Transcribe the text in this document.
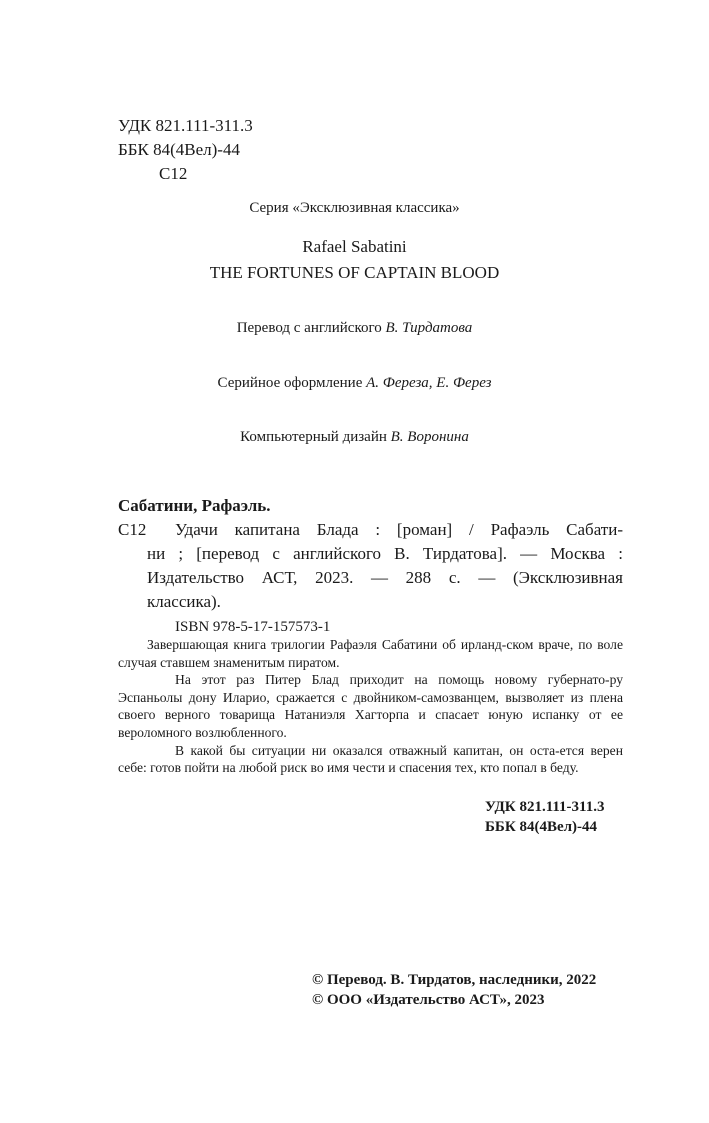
УДК 821.111-311.3
ББК 84(4Вел)-44
С12
Серия «Эксклюзивная классика»
Rafael Sabatini
THE FORTUNES OF CAPTAIN BLOOD
Перевод с английского В. Тирдатова
Серийное оформление А. Фереза, Е. Ферез
Компьютерный дизайн В. Воронина
Сабатини, Рафаэль.
С12 Удачи капитана Блада : [роман] / Рафаэль Сабати-
ни ; [перевод с английского В. Тирдатова]. — Москва :
Издательство АСТ, 2023. — 288 с. — (Эксклюзивная
классика).
ISBN 978-5-17-157573-1

Завершающая книга трилогии Рафаэля Сабатини об ирланд-ском враче, по воле случая ставшем знаменитым пиратом.

На этот раз Питер Блад приходит на помощь новому губернато-ру Эспаньолы дону Иларио, сражается с двойником-самозванцем, вызволяет из плена своего верного товарища Натаниэля Хагторпа и спасает юную испанку от ее вероломного возлюбленного.

В какой бы ситуации ни оказался отважный капитан, он оста-ется верен себе: готов пойти на любой риск во имя чести и спасения тех, кто попал в беду.

УДК 821.111-311.3
ББК 84(4Вел)-44
© Перевод. В. Тирдатов, наследники, 2022
© ООО «Издательство АСТ», 2023
